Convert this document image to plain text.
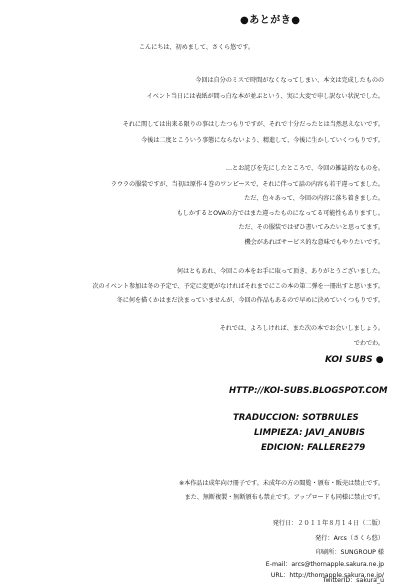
●あとがき●
こんにちは、初めまして、さくら悠です。
今回は自分のミスで時間がなくなってしまい、本文は完成したものの
イベント当日には表紙が間っ白な本が並ぶという、実に大変で申し訳ない状況でした。
それに関しては出来る限りの事はしたつもりですが、それで十分だったとは当然思えないです。
今後は二度とこういう事態にならないよう、精進して、今後に生かしていくつもりです。
…とお詫びを先にしたところで、今回の雑誌的なものを。
ラウラの服装ですが、当初は原作４巻のワンピースで、それに伴って話の内容も若干違ってました。
ただ、色々あって、今回の内容に落ち着きました。
もしかするとOVAの方ではまた違ったものになってる可能性もありますし。
ただ、その服装ではぜひ書いてみたいと思ってます。
機会があればサービス的な意味でもやりたいです。
何はともあれ、今回この本をお手に取って頂き、ありがとうございました。
次のイベント参加は冬の予定で、予定に変更がなければそれまでにこの本の第二弾を一冊出すと思います。
冬に何を描くかはまだ決まっていませんが、今回の作品もあるので早めに決めていくつもりです。
それでは、よろしければ、また次の本でお会いしましょう。
でわでわ。
KOI SUBS ●
HTTP://KOI-SUBS.BLOGSPOT.COM
TRADUCCION: SOTBRULES
LIMPIEZA: JAVI_ANUBIS
EDICION: FALLERE279
※本作品は成年向け冊子です。未成年の方の閲覧・頒布・販売は禁止です。
また、無断複製・無断頒布も禁止です。アップロードも同様に禁止です。
発行日：２０１１年８月１４日（二版）
発行：Arcs（さくら悠）
印刷所：SUNGROUP 様
E-mail：arcs@thornapple.sakura.ne.jp
URL：http://thornapple.sakura.ne.jp/
TwitterID：sakura_u
